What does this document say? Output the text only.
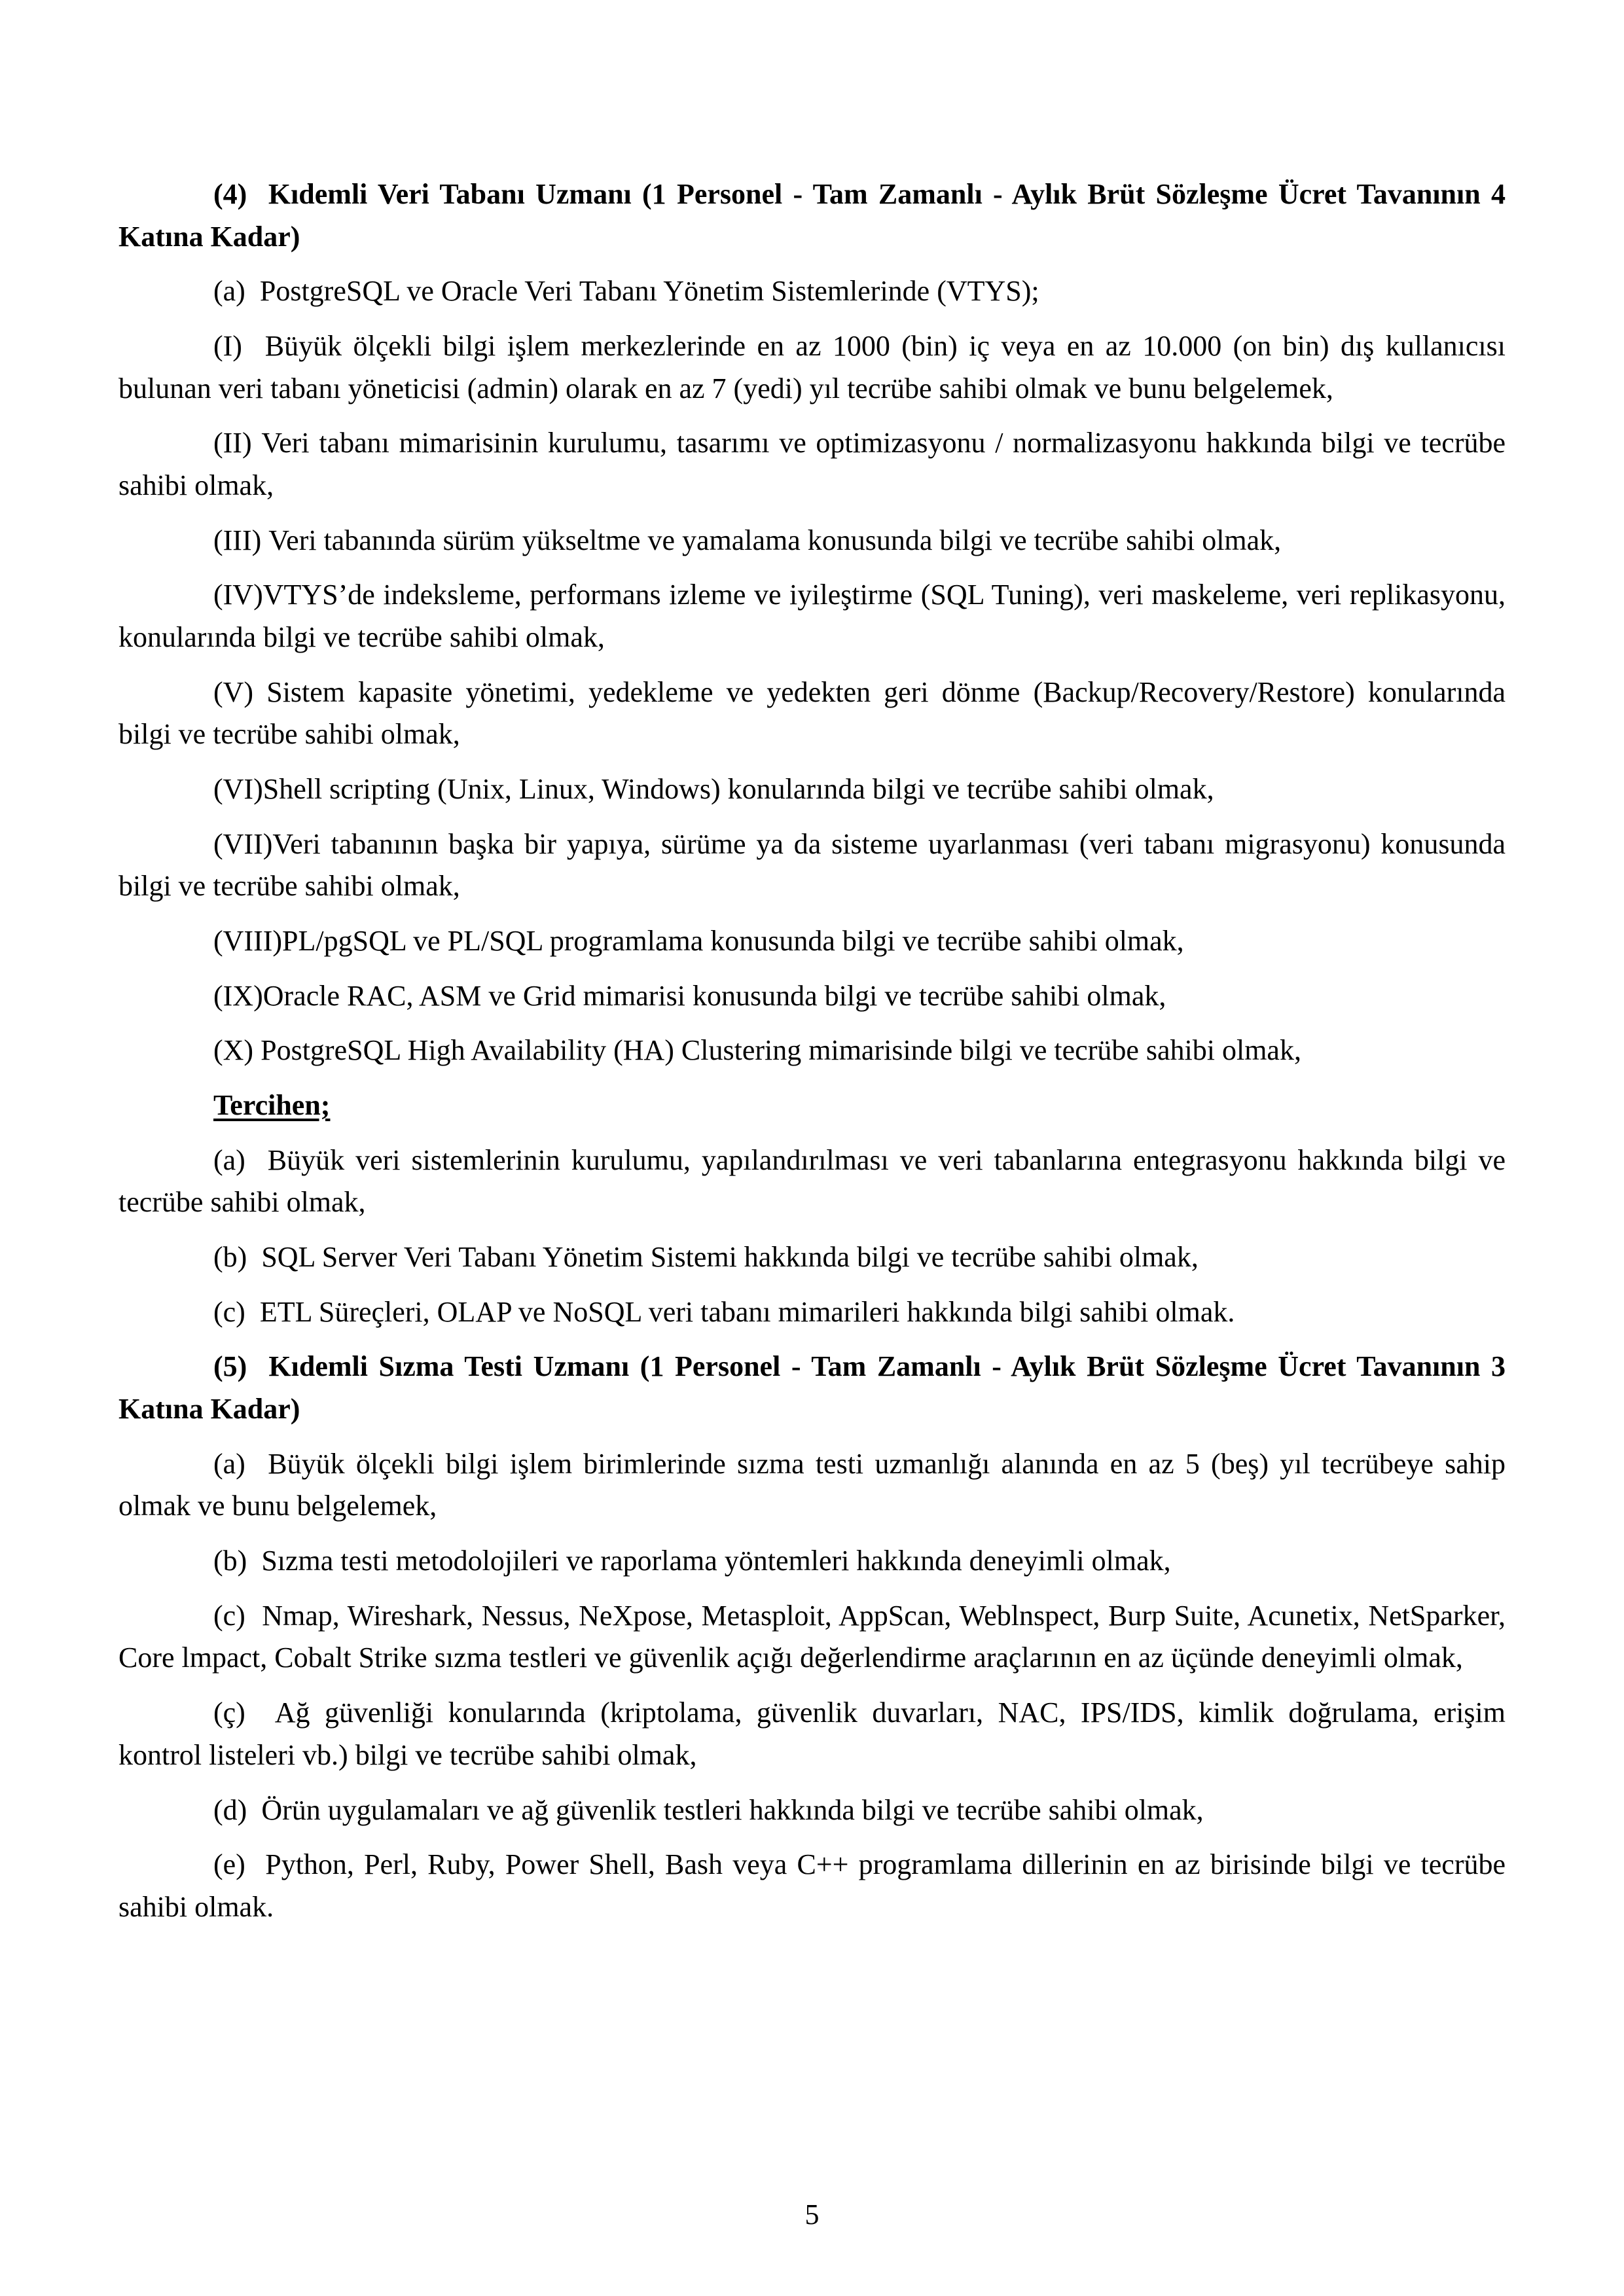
(4)  Kıdemli Veri Tabanı Uzmanı (1 Personel - Tam Zamanlı - Aylık Brüt Sözleşme Ücret Tavanının 4 Katına Kadar)

(a) PostgreSQL ve Oracle Veri Tabanı Yönetim Sistemlerinde (VTYS);

(I) Büyük ölçekli bilgi işlem merkezlerinde en az 1000 (bin) iç veya en az 10.000 (on bin) dış kullanıcısı bulunan veri tabanı yöneticisi (admin) olarak en az 7 (yedi) yıl tecrübe sahibi olmak ve bunu belgelemek,

(II) Veri tabanı mimarisinin kurulumu, tasarımı ve optimizasyonu / normalizasyonu hakkında bilgi ve tecrübe sahibi olmak,

(III) Veri tabanında sürüm yükseltme ve yamalama konusunda bilgi ve tecrübe sahibi olmak,

(IV)VTYS’de indeksleme, performans izleme ve iyileştirme (SQL Tuning), veri maskeleme, veri replikasyonu, konularında bilgi ve tecrübe sahibi olmak,

(V) Sistem kapasite yönetimi, yedekleme ve yedekten geri dönme (Backup/Recovery/Restore) konularında bilgi ve tecrübe sahibi olmak,

(VI)Shell scripting (Unix, Linux, Windows) konularında bilgi ve tecrübe sahibi olmak,

(VII)Veri tabanının başka bir yapıya, sürüme ya da sisteme uyarlanması (veri tabanı migrasyonu) konusunda bilgi ve tecrübe sahibi olmak,

(VIII)PL/pgSQL ve PL/SQL programlama konusunda bilgi ve tecrübe sahibi olmak,

(IX)Oracle RAC, ASM ve Grid mimarisi konusunda bilgi ve tecrübe sahibi olmak,

(X) PostgreSQL High Availability (HA) Clustering mimarisinde bilgi ve tecrübe sahibi olmak,

Tercihen;

(a) Büyük veri sistemlerinin kurulumu, yapılandırılması ve veri tabanlarına entegrasyonu hakkında bilgi ve tecrübe sahibi olmak,

(b) SQL Server Veri Tabanı Yönetim Sistemi hakkında bilgi ve tecrübe sahibi olmak,

(c) ETL Süreçleri, OLAP ve NoSQL veri tabanı mimarileri hakkında bilgi sahibi olmak.

(5)  Kıdemli Sızma Testi Uzmanı (1 Personel - Tam Zamanlı - Aylık Brüt Sözleşme Ücret Tavanının 3 Katına Kadar)

(a) Büyük ölçekli bilgi işlem birimlerinde sızma testi uzmanlığı alanında en az 5 (beş) yıl tecrübeye sahip olmak ve bunu belgelemek,

(b) Sızma testi metodolojileri ve raporlama yöntemleri hakkında deneyimli olmak,

(c) Nmap, Wireshark, Nessus, NeXpose, Metasploit, AppScan, Weblnspect, Burp Suite, Acunetix, NetSparker, Core lmpact, Cobalt Strike sızma testleri ve güvenlik açığı değerlendirme araçlarının en az üçünde deneyimli olmak,

(ç) Ağ güvenliği konularında (kriptolama, güvenlik duvarları, NAC, IPS/IDS, kimlik doğrulama, erişim kontrol listeleri vb.) bilgi ve tecrübe sahibi olmak,

(d) Örün uygulamaları ve ağ güvenlik testleri hakkında bilgi ve tecrübe sahibi olmak,

(e) Python, Perl, Ruby, Power Shell, Bash veya C++ programlama dillerinin en az birisinde bilgi ve tecrübe sahibi olmak.

5
